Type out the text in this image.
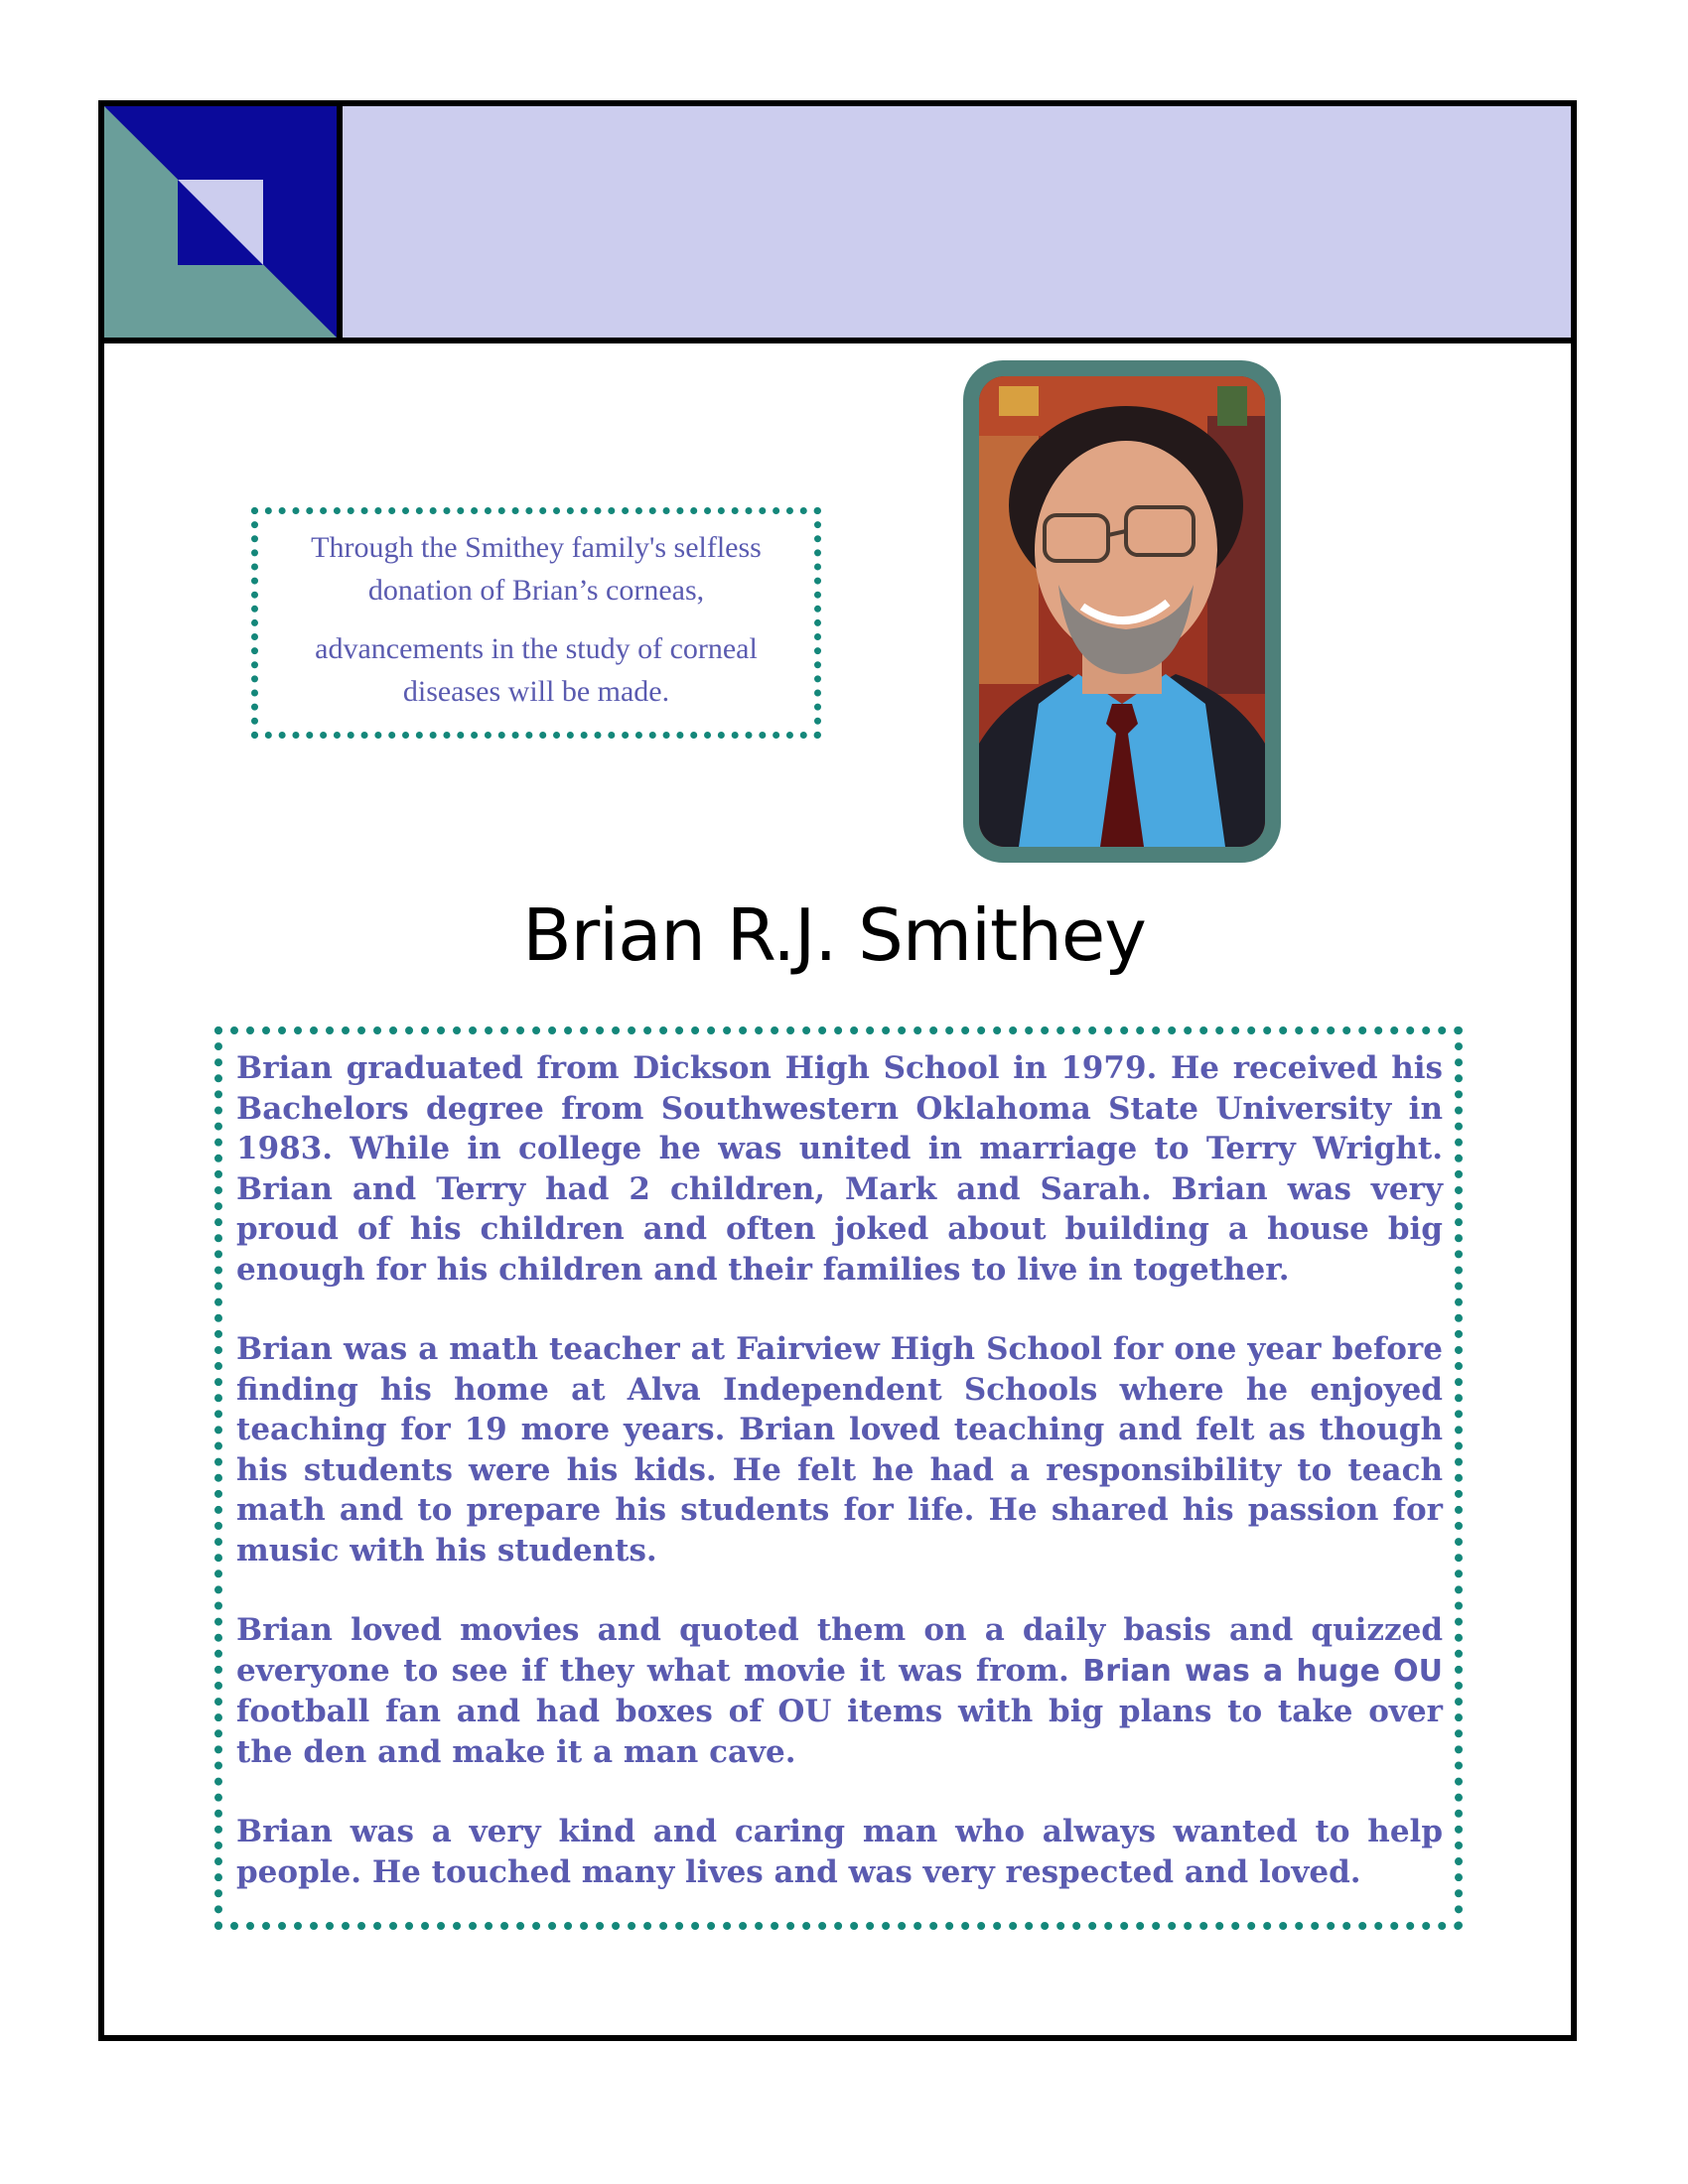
Through the Smithey family's selfless
donation of Brian’s corneas,
advancements in the study of corneal
diseases will be made.
Brian R.J. Smithey

Brian graduated from Dickson High School in 1979. He received his Bachelors degree from Southwestern Oklahoma State University in 1983. While in college he was united in marriage to Terry Wright. Brian and Terry had 2 children, Mark and Sarah. Brian was very proud of his children and often joked about building a house big enough for his children and their families to live in together.

Brian was a math teacher at Fairview High School for one year before finding his home at Alva Independent Schools where he enjoyed teaching for 19 more years. Brian loved teaching and felt as though his students were his kids. He felt he had a responsibility to teach math and to prepare his students for life. He shared his passion for music with his students.

Brian loved movies and quoted them on a daily basis and quizzed everyone to see if they what movie it was from. Brian was a huge OU football fan and had boxes of OU items with big plans to take over the den and make it a man cave.

Brian was a very kind and caring man who always wanted to help people. He touched many lives and was very respected and loved.
